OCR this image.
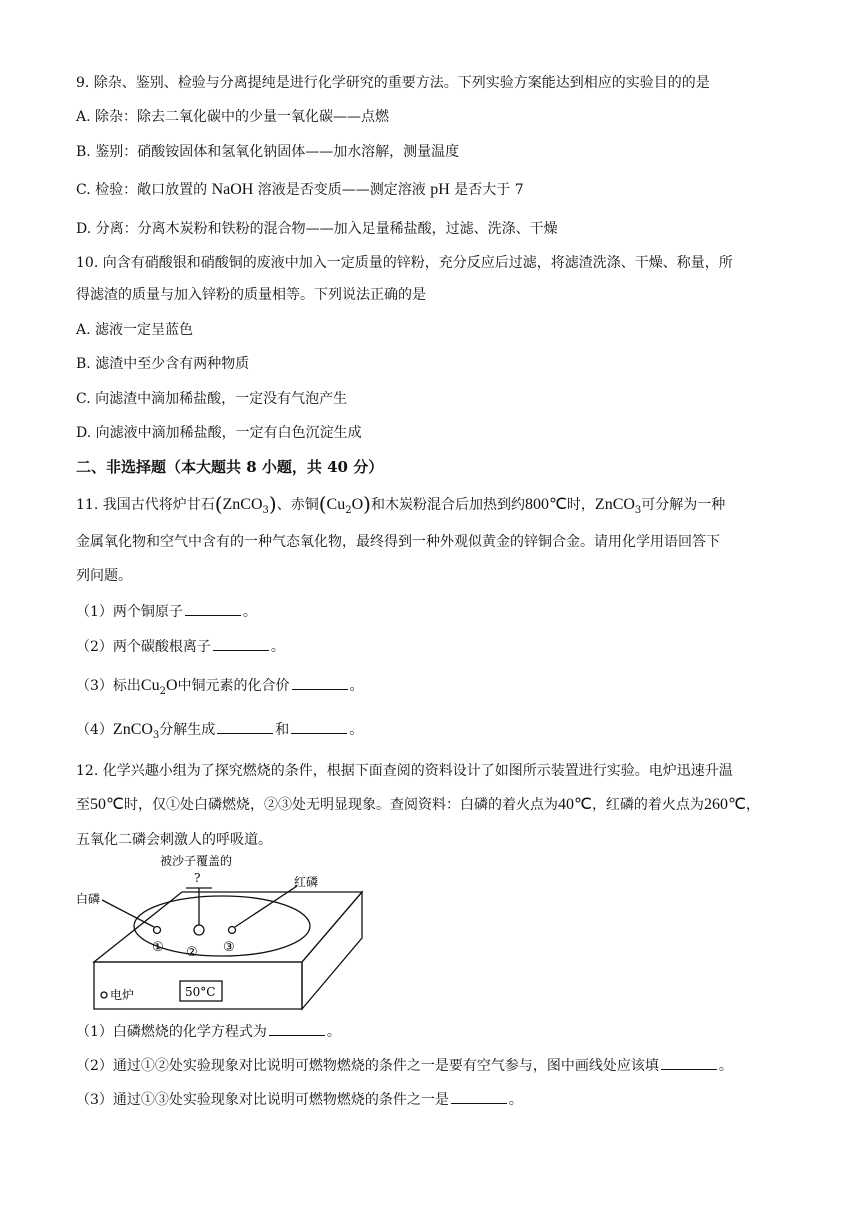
9. 除杂、鉴别、检验与分离提纯是进行化学研究的重要方法。下列实验方案能达到相应的实验目的的是
A. 除杂：除去二氧化碳中的少量一氧化碳——点燃
B. 鉴别：硝酸铵固体和氢氧化钠固体——加水溶解，测量温度
C. 检验：敞口放置的 NaOH 溶液是否变质——测定溶液 pH 是否大于 7
D. 分离：分离木炭粉和铁粉的混合物——加入足量稀盐酸，过滤、洗涤、干燥
10. 向含有硝酸银和硝酸铜的废液中加入一定质量的锌粉，充分反应后过滤，将滤渣洗涤、干燥、称量，所
得滤渣的质量与加入锌粉的质量相等。下列说法正确的是
A. 滤液一定呈蓝色
B. 滤渣中至少含有两种物质
C. 向滤渣中滴加稀盐酸，一定没有气泡产生
D. 向滤液中滴加稀盐酸，一定有白色沉淀生成
二、非选择题（本大题共 8 小题，共 40 分）
11. 我国古代将炉甘石(ZnCO$_3$)、赤铜$(Cu_2O)$和木炭粉混合后加热到约800℃时，ZnCO$_3$可分解为一种
金属氧化物和空气中含有的一种气态氧化物，最终得到一种外观似黄金的锌铜合金。请用化学用语回答下
列问题。
（1）两个铜原子	。
（2）两个碳酸根离子	。
（3）标出$Cu_2O$中铜元素的化合价	。
（4）ZnCO$_3$分解生成	和	。
12. 化学兴趣小组为了探究燃烧的条件，根据下面查阅的资料设计了如图所示装置进行实验。电炉迅速升温
至50℃时，仅①处白磷燃烧，②③处无明显现象。查阅资料：白磷的着火点为40℃，红磷的着火点为260℃，
五氧化二磷会刺激人的呼吸道。
被沙子覆盖的
?
白磷
红磷
① ② ③
电炉	50°C
（1）白磷燃烧的化学方程式为	。
（2）通过①②处实验现象对比说明可燃物燃烧的条件之一是要有空气参与，图中画线处应该填	。
（3）通过①③处实验现象对比说明可燃物燃烧的条件之一是	。
